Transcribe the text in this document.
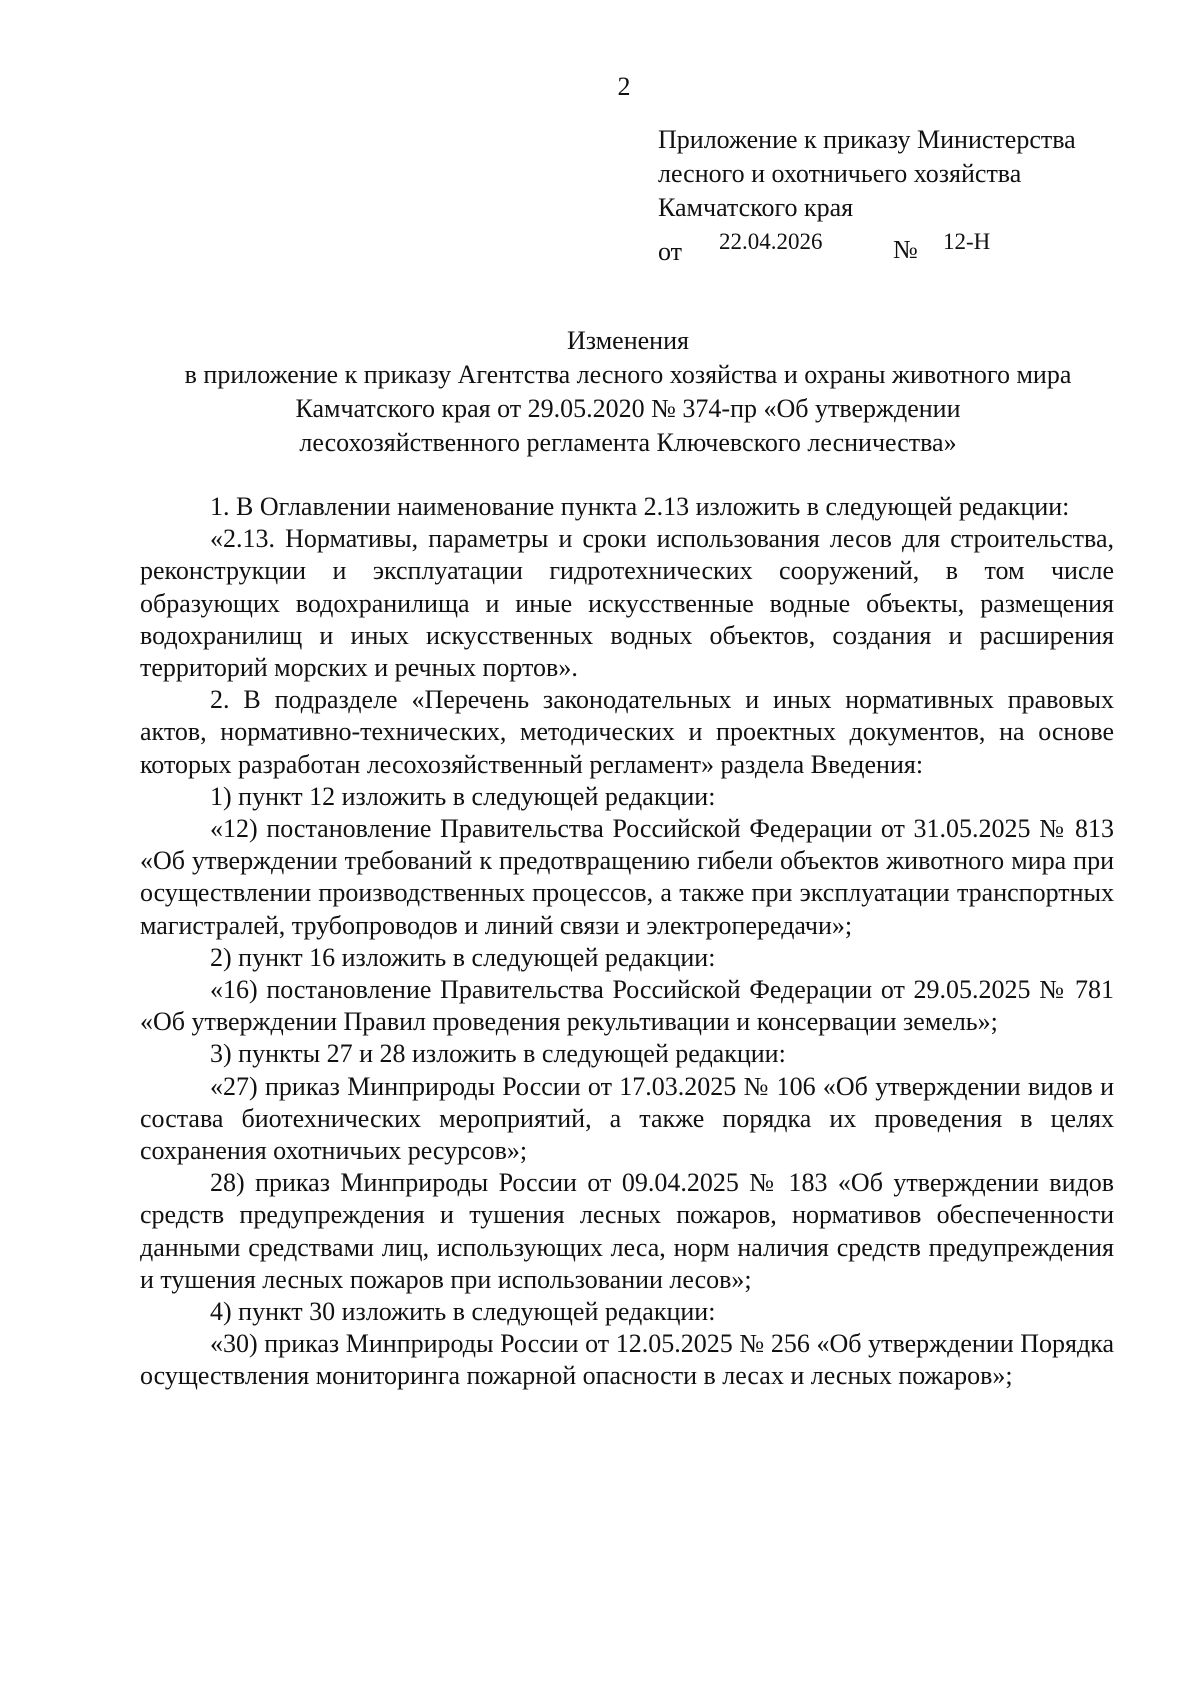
2
Приложение к приказу Министерства
лесного и охотничьего хозяйства
Камчатского края
от 22.04.2026	№ 12-Н
Изменения
в приложение к приказу Агентства лесного хозяйства и охраны животного мира
Камчатского края от 29.05.2020 № 374-пр «Об утверждении
лесохозяйственного регламента Ключевского лесничества»

1. В Оглавлении наименование пункта 2.13 изложить в следующей редакции:

«2.13. Нормативы, параметры и сроки использования лесов для строительства, реконструкции и эксплуатации гидротехнических сооружений, в том числе образующих водохранилища и иные искусственные водные объекты, размещения водохранилищ и иных искусственных водных объектов, создания и расширения территорий морских и речных портов».

2. В подразделе «Перечень законодательных и иных нормативных правовых актов, нормативно-технических, методических и проектных документов, на основе которых разработан лесохозяйственный регламент» раздела Введения:

1) пункт 12 изложить в следующей редакции:

«12) постановление Правительства Российской Федерации от 31.05.2025 № 813 «Об утверждении требований к предотвращению гибели объектов животного мира при осуществлении производственных процессов, а также при эксплуатации транспортных магистралей, трубопроводов и линий связи и электропередачи»;

2) пункт 16 изложить в следующей редакции:

«16) постановление Правительства Российской Федерации от 29.05.2025 № 781 «Об утверждении Правил проведения рекультивации и консервации земель»;

3) пункты 27 и 28 изложить в следующей редакции:

«27) приказ Минприроды России от 17.03.2025 № 106 «Об утверждении видов и состава биотехнических мероприятий, а также порядка их проведения в целях сохранения охотничьих ресурсов»;

28) приказ Минприроды России от 09.04.2025 № 183 «Об утверждении видов средств предупреждения и тушения лесных пожаров, нормативов обеспеченности данными средствами лиц, использующих леса, норм наличия средств предупреждения и тушения лесных пожаров при использовании лесов»;

4) пункт 30 изложить в следующей редакции:

«30) приказ Минприроды России от 12.05.2025 № 256 «Об утверждении Порядка осуществления мониторинга пожарной опасности в лесах и лесных пожаров»;
